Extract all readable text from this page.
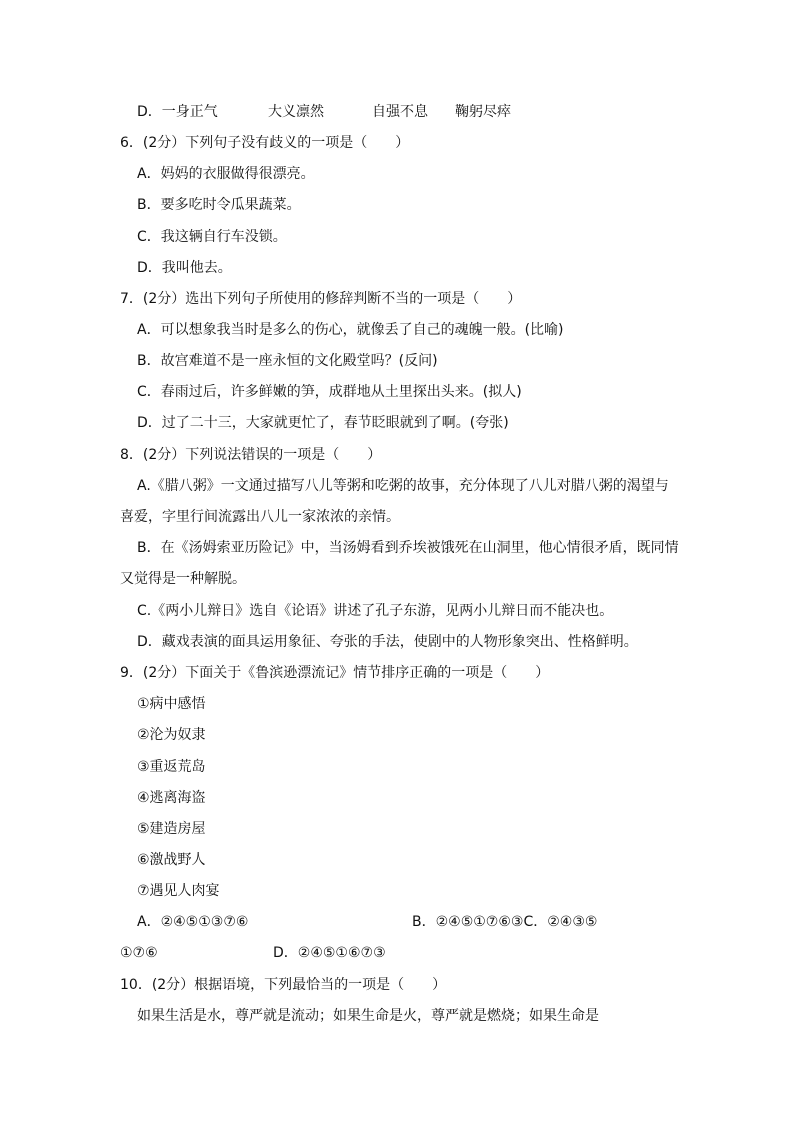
D．一身正气	大义凛然	自强不息 鞠躬尽瘁
6．(2分）下列句子没有歧义的一项是（　　）
A．妈妈的衣服做得很漂亮。
B．要多吃时令瓜果蔬菜。
C．我这辆自行车没锁。
D．我叫他去。
7．(2分）选出下列句子所使用的修辞判断不当的一项是（　　）
A．可以想象我当时是多么的伤心，就像丢了自己的魂魄一般。(比喻)
B．故宫难道不是一座永恒的文化殿堂吗？(反问)
C．春雨过后，许多鲜嫩的笋，成群地从土里探出头来。(拟人)
D．过了二十三，大家就更忙了，春节眨眼就到了啊。(夸张)
8．(2分）下列说法错误的一项是（　　）
A.《腊八粥》一文通过描写八儿等粥和吃粥的故事，充分体现了八儿对腊八粥的渴望与
喜爱，字里行间流露出八儿一家浓浓的亲情。
B．在《汤姆索亚历险记》中，当汤姆看到乔埃被饿死在山洞里，他心情很矛盾，既同情
又觉得是一种解脱。
C.《两小儿辩日》选自《论语》讲述了孔子东游，见两小儿辩日而不能决也。
D．藏戏表演的面具运用象征、夸张的手法，使剧中的人物形象突出、性格鲜明。
9．(2分）下面关于《鲁滨逊漂流记》情节排序正确的一项是（　　）
①病中感悟
②沦为奴隶
③重返荒岛
④逃离海盗
⑤建造房屋
⑥激战野人
⑦遇见人肉宴
A．②④⑤①③⑦⑥	B．②④⑤①⑦⑥③C．②④③⑤
①⑦⑥	D．②④⑤①⑥⑦③
10．(2分）根据语境，下列最恰当的一项是（　　）
如果生活是水，尊严就是流动；如果生命是火，尊严就是燃烧；如果生命是
